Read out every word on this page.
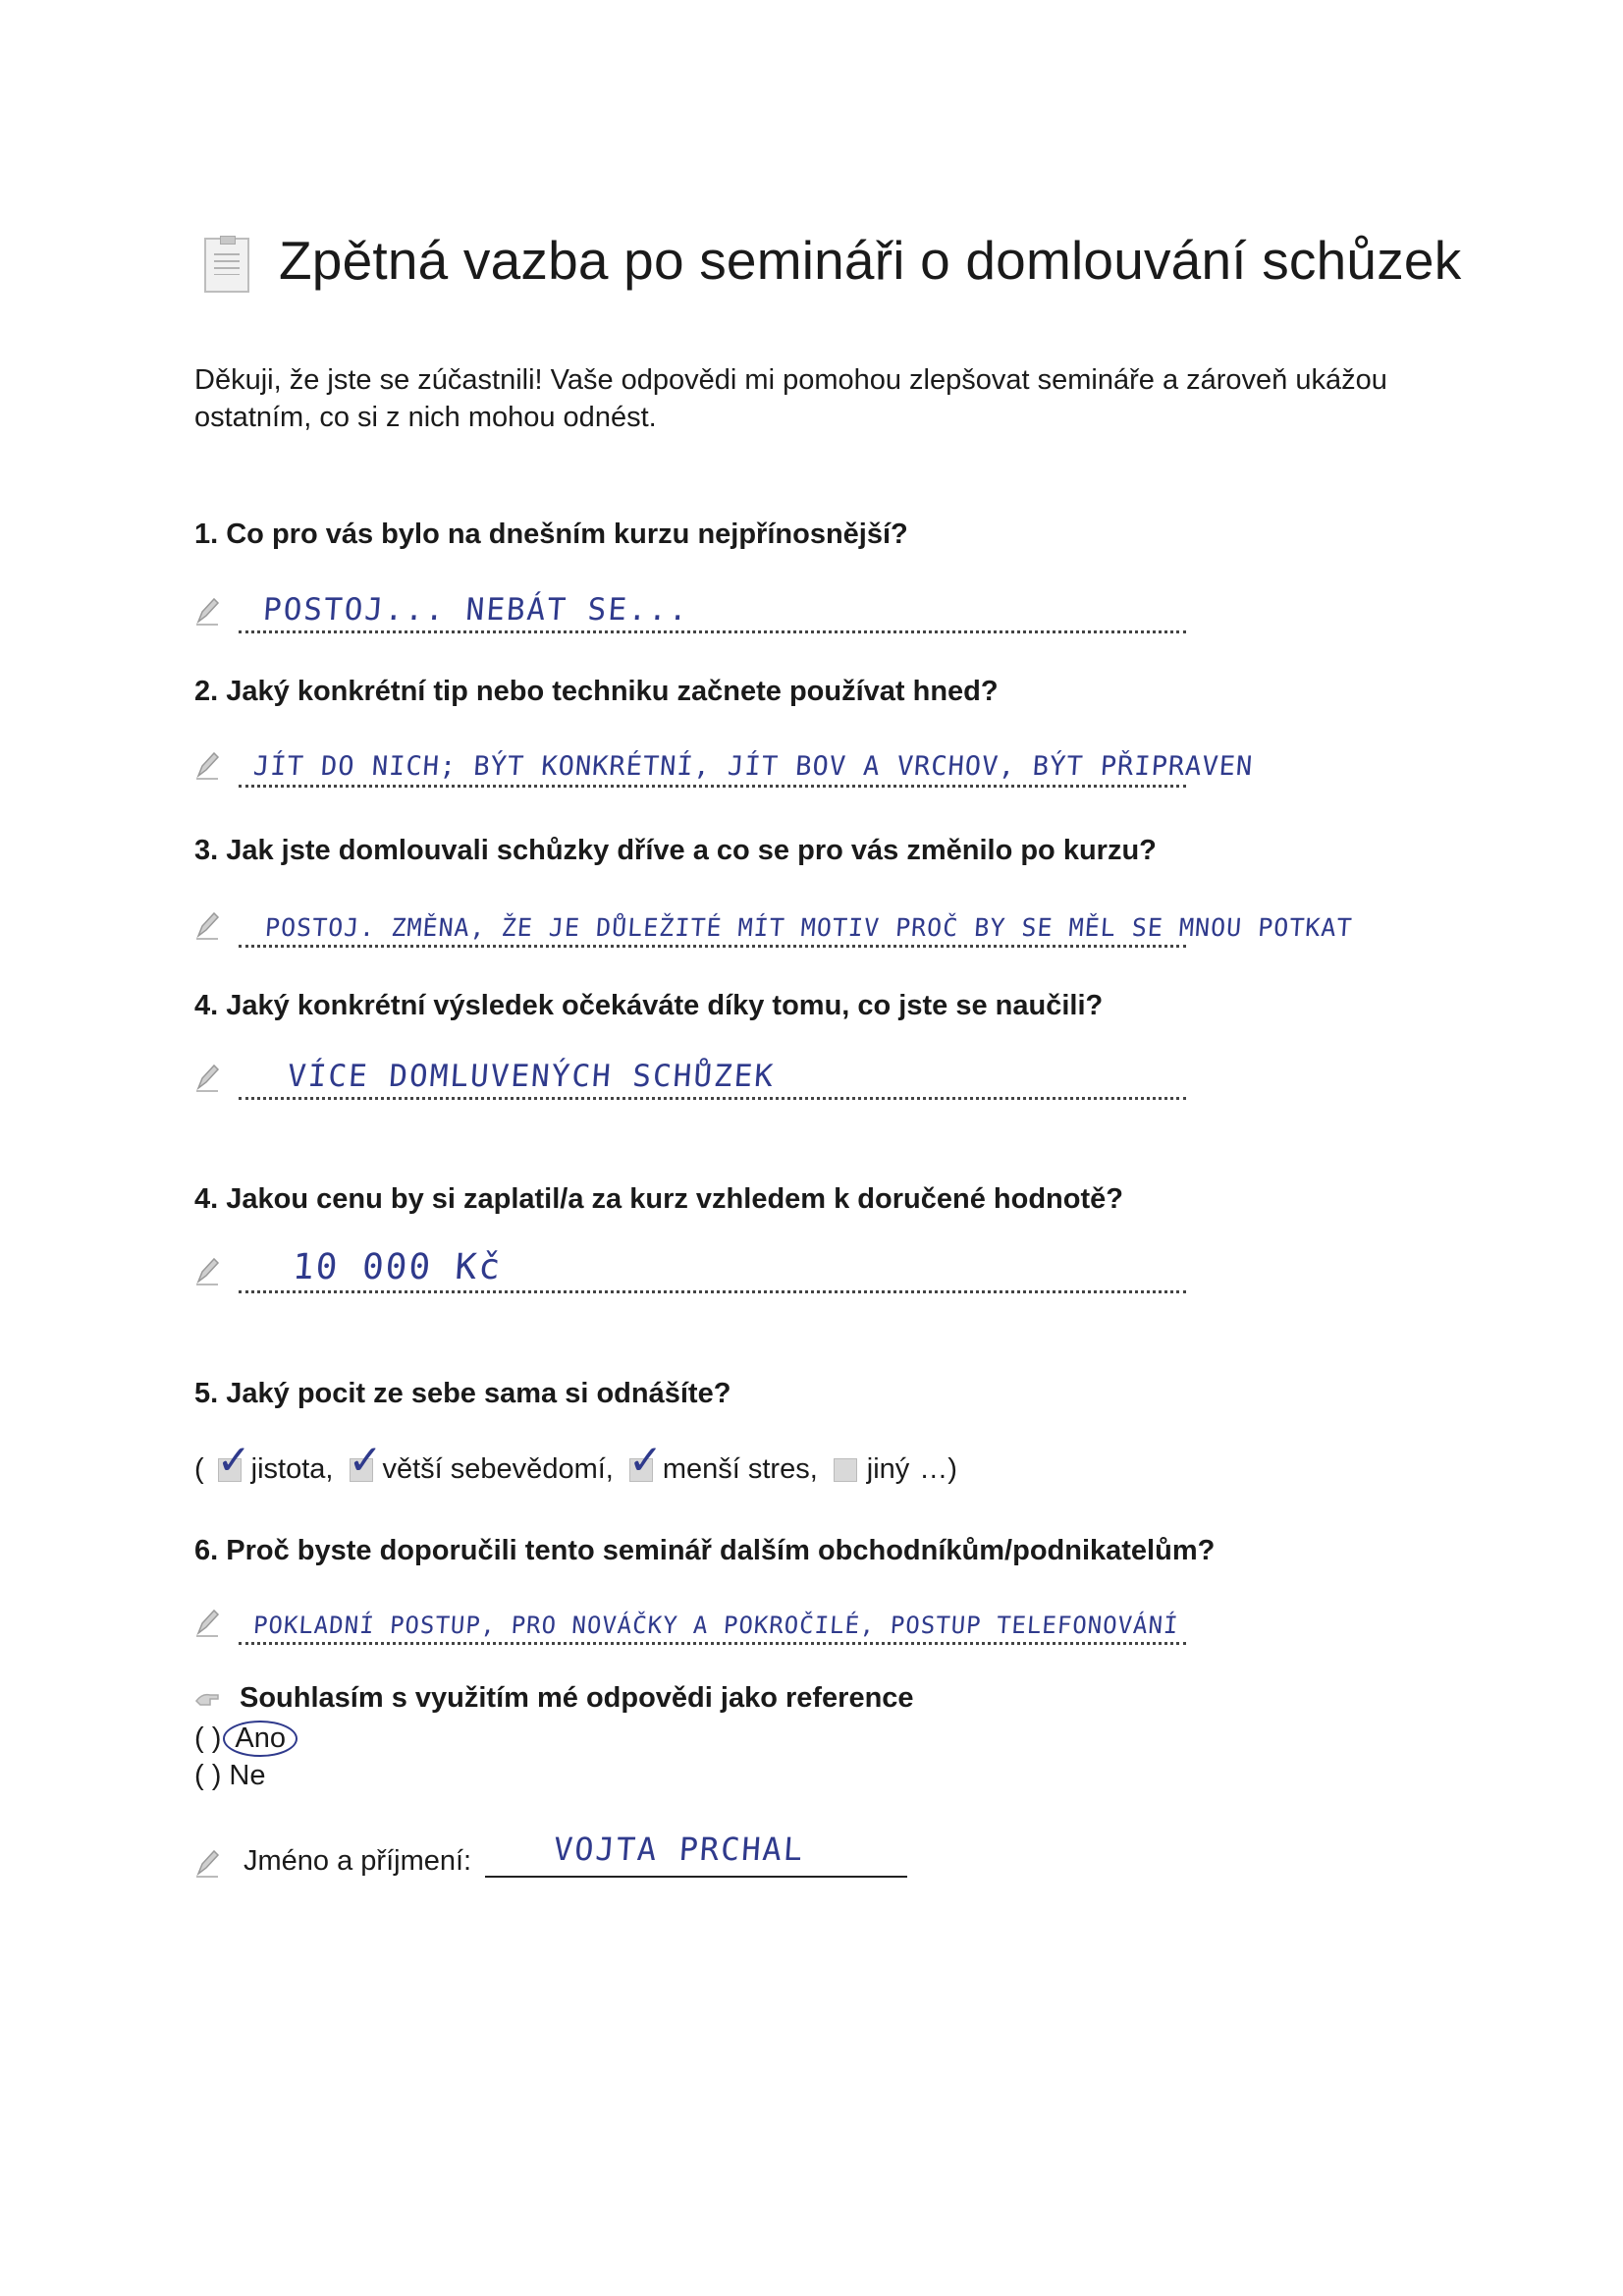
Zpětná vazba po semináři o domlouvání schůzek
Děkuji, že jste se zúčastnili! Vaše odpovědi mi pomohou zlepšovat semináře a zároveň ukážou ostatním, co si z nich mohou odnést.
1. Co pro vás bylo na dnešním kurzu nejpřínosnější?
POSTOJ... NEBÁT SE...
2. Jaký konkrétní tip nebo techniku začnete používat hned?
JÍT DO NICH; BÝT KONKRÉTNÍ, JÍT BOV A VRCHOV, BÝT PŘIPRAVEN
3. Jak jste domlouvali schůzky dříve a co se pro vás změnilo po kurzu?
POSTOJ. ZMĚNA, ŽE JE DŮLEŽITÉ MÍT MOTIV PROČ BY SE MĚL SE MNOU POTKAT
4. Jaký konkrétní výsledek očekáváte díky tomu, co jste se naučili?
VÍCE DOMLUVENÝCH SCHŮZEK
4. Jakou cenu by si zaplatil/a za kurz vzhledem k doručené hodnotě?
10 000 Kč
5. Jaký pocit ze sebe sama si odnášíte?
( ✓ jistota, ✓ větší sebevědomí, ✓ menší stres, jiný …)
6. Proč byste doporučili tento seminář dalším obchodníkům/podnikatelům?
POKLADNÍ POSTUP, PRO NOVÁČKY A POKROČILÉ, POSTUP TELEFONOVÁNÍ
Souhlasím s využitím mé odpovědi jako reference
( ) Ano
( ) Ne
Jméno a příjmení:	VOJTA PRCHAL
